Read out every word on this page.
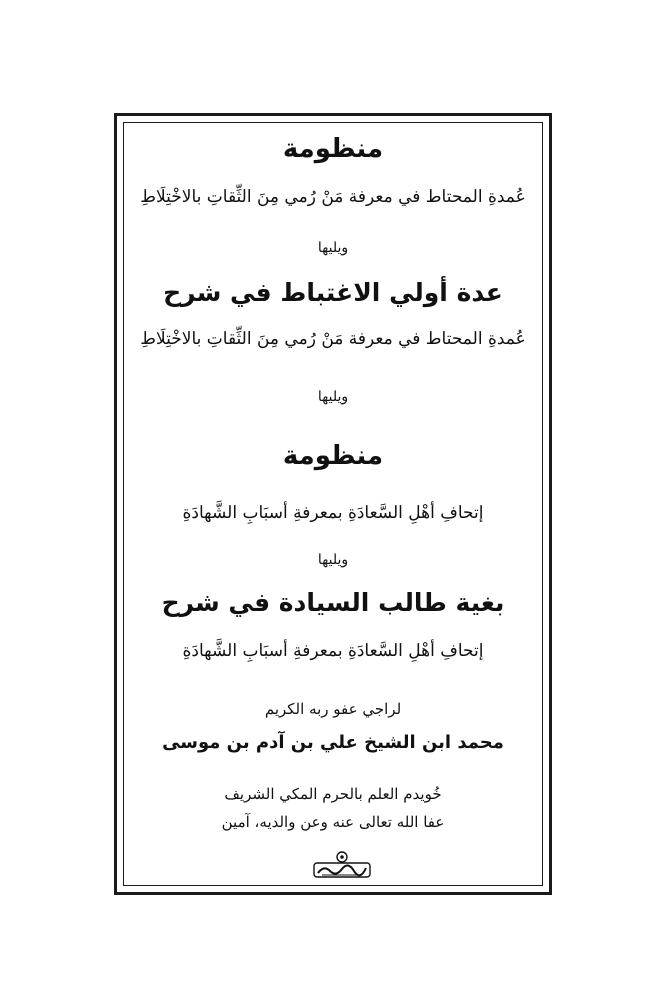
منظومة
عُمدةِ المحتاط في معرفة مَنْ رُمي مِنَ الثِّقاتِ بالاخْتِلَاطِ
ويليها
عدة أولي الاغتباط في شرح
عُمدةِ المحتاط في معرفة مَنْ رُمي مِنَ الثِّقاتِ بالاخْتِلَاطِ
ويليها
منظومة
إتحافِ أهْلِ السَّعادَةِ بمعرفةِ أسبَابِ الشَّهادَةِ
ويليها
بغية طالب السيادة في شرح
إتحافِ أهْلِ السَّعادَةِ بمعرفةِ أسبَابِ الشَّهادَةِ
لراجي عفو ربه الكريم
محمد ابن الشيخ علي بن آدم بن موسى
خُويدم العلم بالحرم المكي الشريف
عفا الله تعالى عنه وعن والديه، آمين
